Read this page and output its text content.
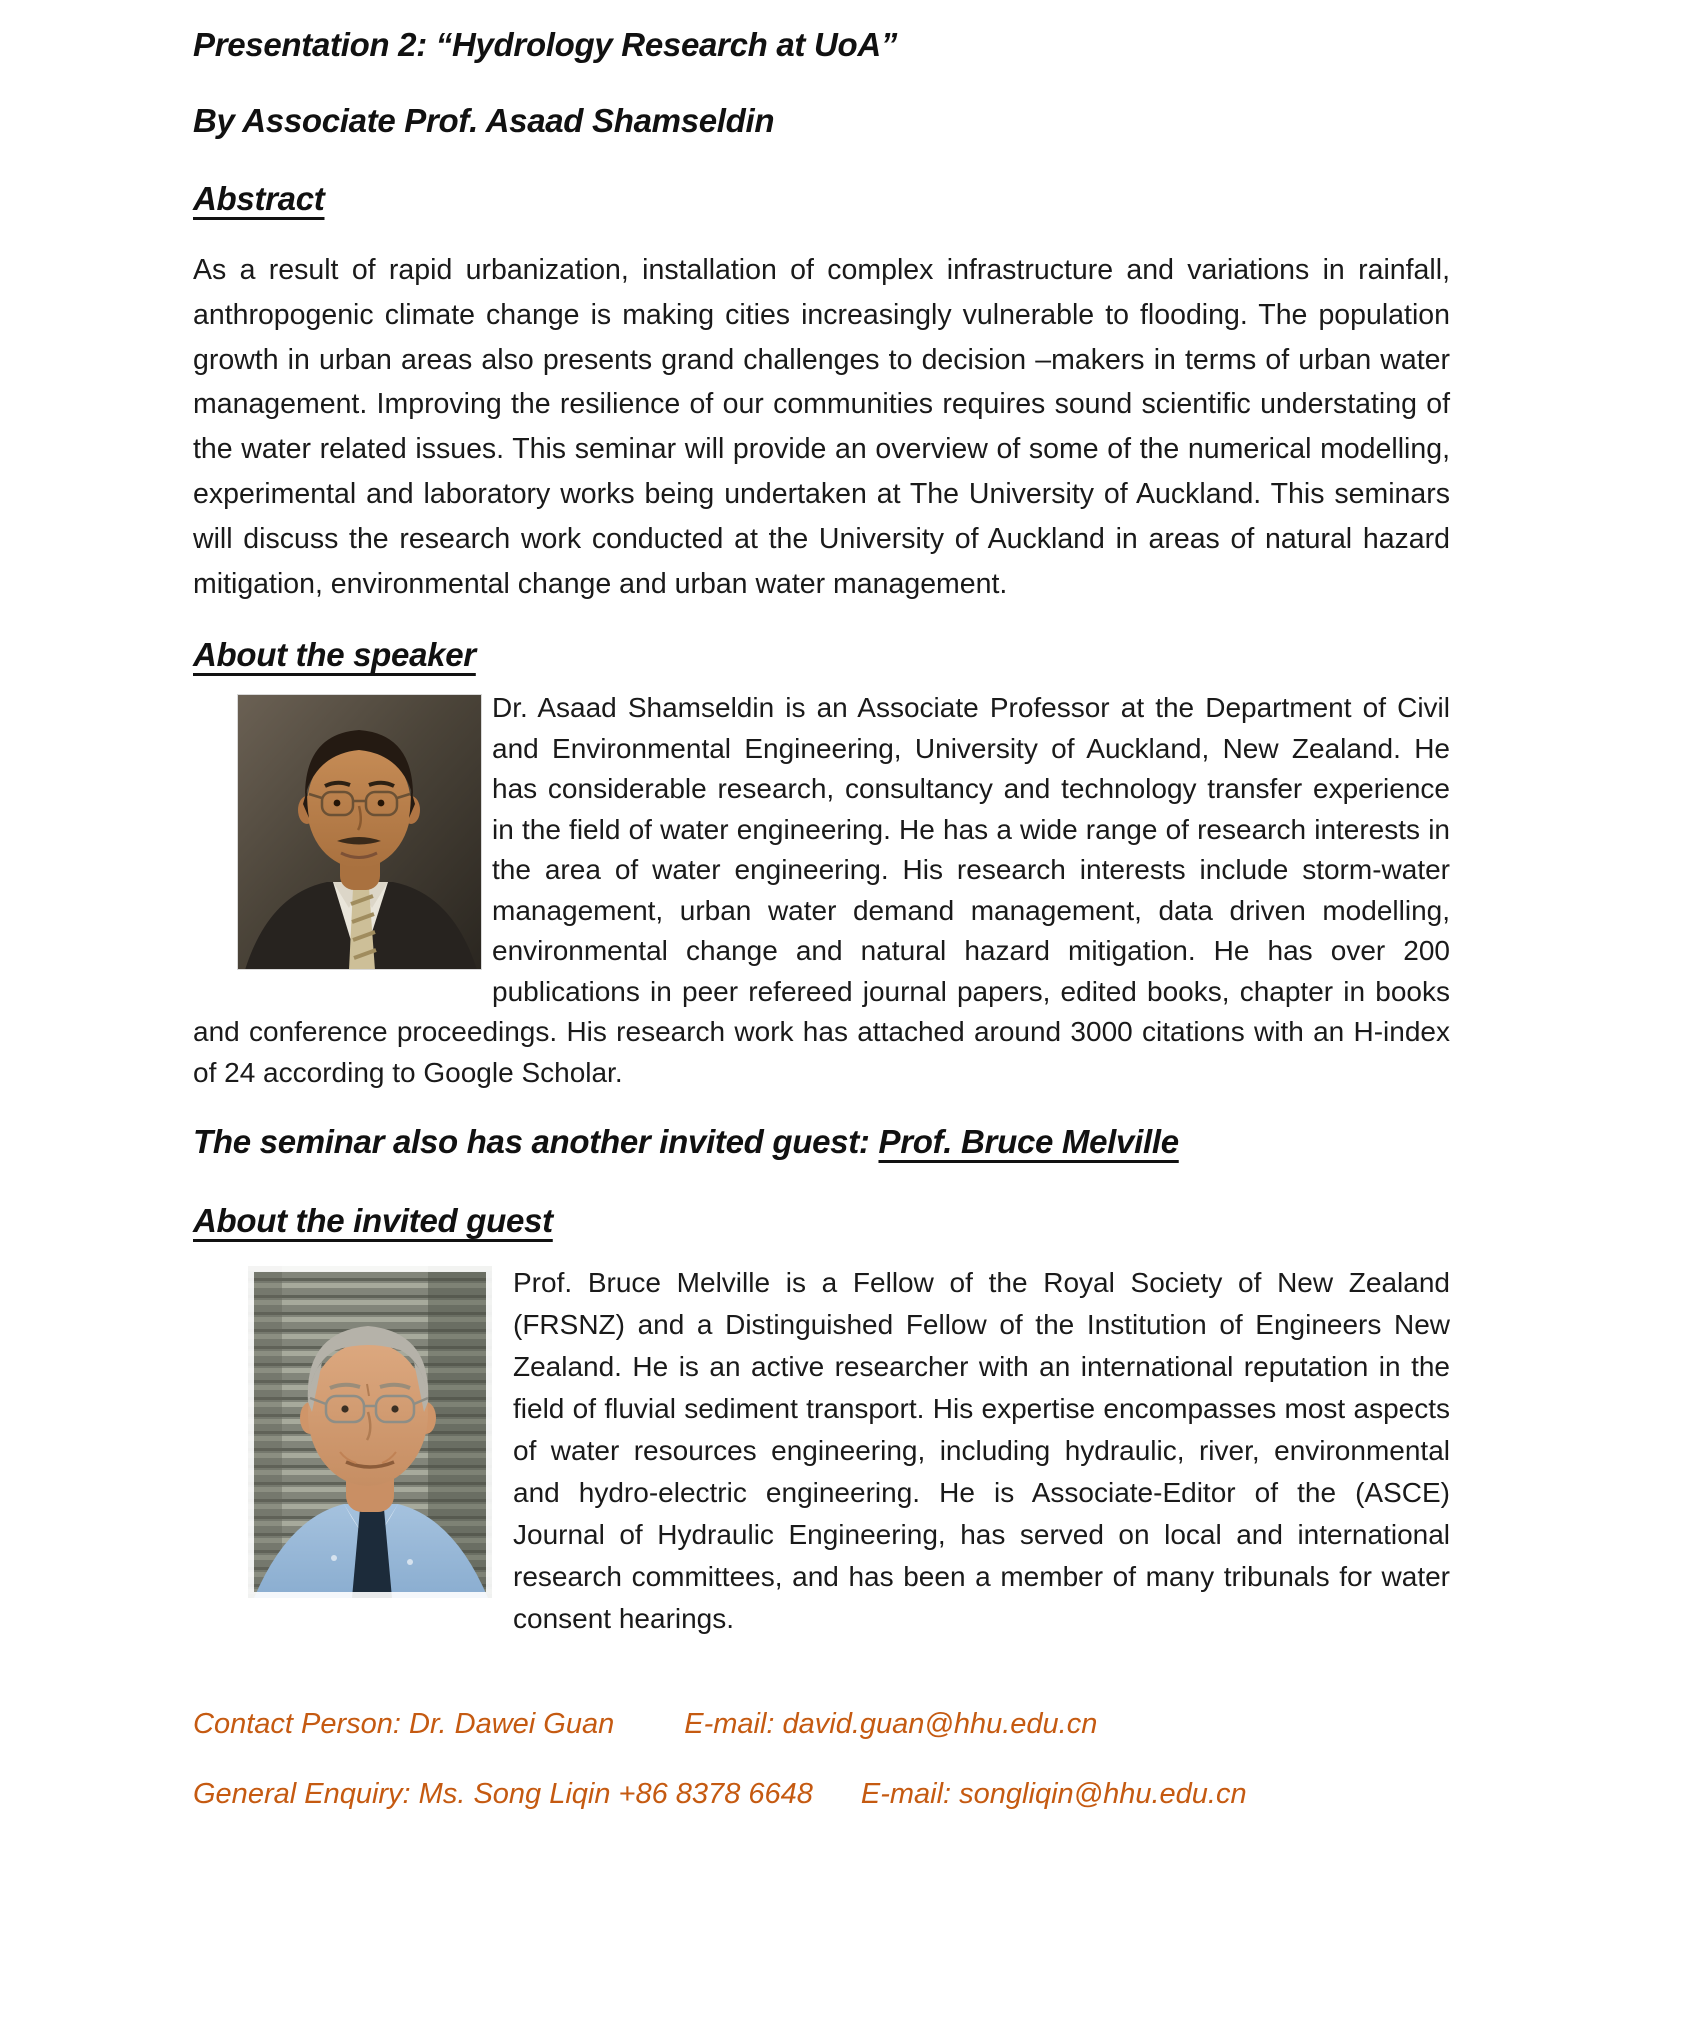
Presentation 2: “Hydrology Research at UoA”
By Associate Prof. Asaad Shamseldin
Abstract

As a result of rapid urbanization, installation of complex infrastructure and variations in rainfall, anthropogenic climate change is making cities increasingly vulnerable to flooding. The population growth in urban areas also presents grand challenges to decision –makers in terms of urban water management. Improving the resilience of our communities requires sound scientific understating of the water related issues. This seminar will provide an overview of some of the numerical modelling, experimental and laboratory works being undertaken at The University of Auckland. This seminars will discuss the research work conducted at the University of Auckland in areas of natural hazard mitigation, environmental change and urban water management.

About the speaker
Dr. Asaad Shamseldin is an Associate Professor at the Department of Civil and Environmental Engineering, University of Auckland, New Zealand. He has considerable research, consultancy and technology transfer experience in the field of water engineering. He has a wide range of research interests in the area of water engineering. His research interests include storm-water management, urban water demand management, data driven modelling, environmental change and natural hazard mitigation. He has over 200 publications in peer refereed journal papers, edited books, chapter in books and conference proceedings. His research work has attached around 3000 citations with an H-index of 24 according to Google Scholar.
The seminar also has another invited guest: Prof. Bruce Melville
About the invited guest
Prof. Bruce Melville is a Fellow of the Royal Society of New Zealand (FRSNZ) and a Distinguished Fellow of the Institution of Engineers New Zealand. He is an active researcher with an international reputation in the field of fluvial sediment transport. His expertise encompasses most aspects of water resources engineering, including hydraulic, river, environmental and hydro-electric engineering. He is Associate-Editor of the (ASCE) Journal of Hydraulic Engineering, has served on local and international research committees, and has been a member of many tribunals for water consent hearings.

Contact Person: Dr. Dawei Guan E-mail: david.guan@hhu.edu.cn

General Enquiry: Ms. Song Liqin +86 8378 6648 E-mail: songliqin@hhu.edu.cn
